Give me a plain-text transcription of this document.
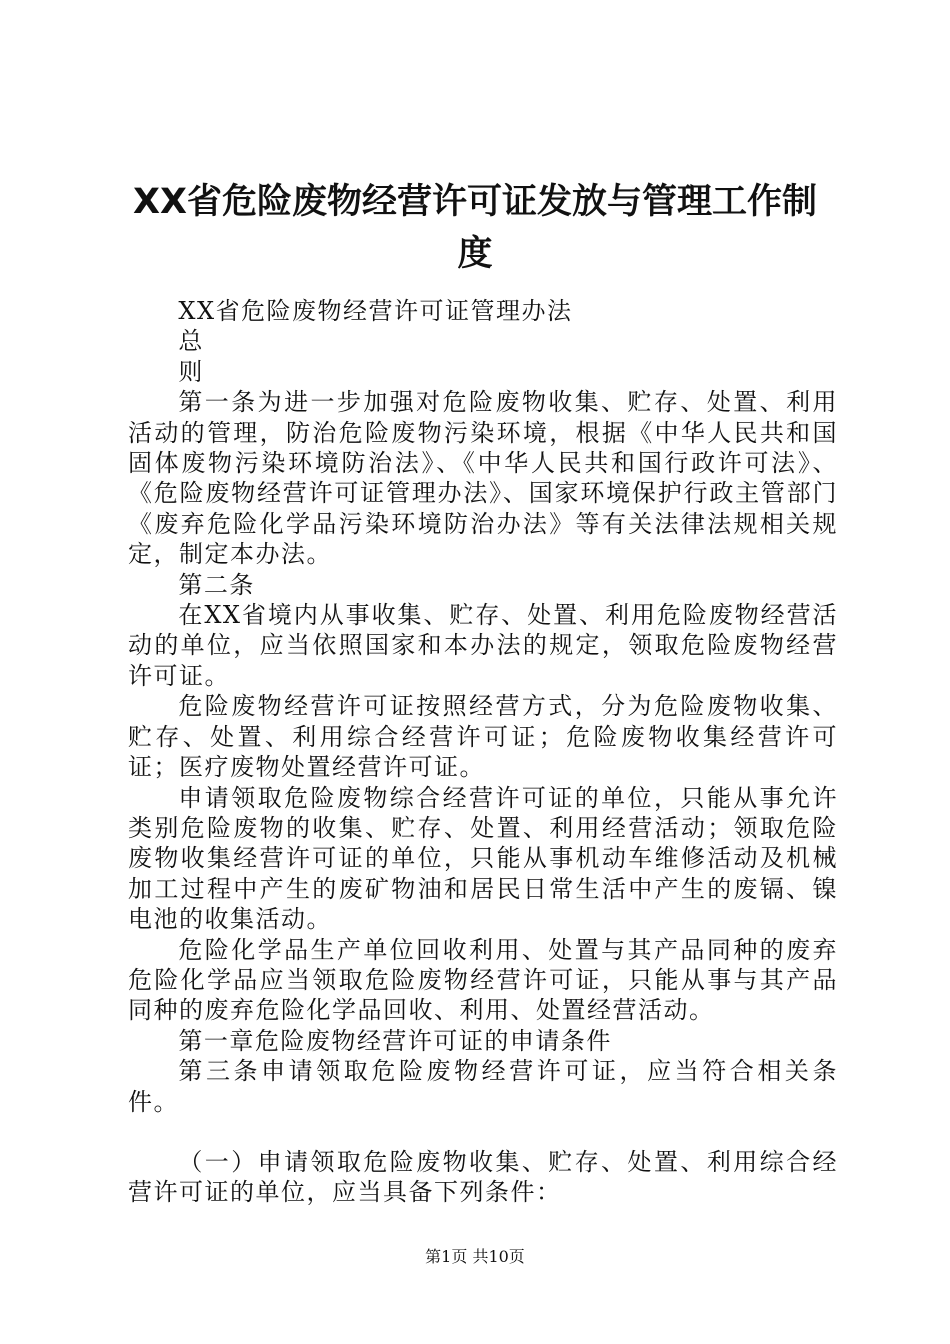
XX省危险废物经营许可证发放与管理工作制度

XX省危险废物经营许可证管理办法

总

则

第一条为进一步加强对危险废物收集、贮存、处置、利用活动的管理，防治危险废物污染环境，根据《中华人民共和国固体废物污染环境防治法》、《中华人民共和国行政许可法》、《危险废物经营许可证管理办法》、国家环境保护行政主管部门《废弃危险化学品污染环境防治办法》等有关法律法规相关规定，制定本办法。

第二条

在XX省境内从事收集、贮存、处置、利用危险废物经营活动的单位，应当依照国家和本办法的规定，领取危险废物经营许可证。

危险废物经营许可证按照经营方式，分为危险废物收集、贮存、处置、利用综合经营许可证；危险废物收集经营许可证；医疗废物处置经营许可证。

申请领取危险废物综合经营许可证的单位，只能从事允许类别危险废物的收集、贮存、处置、利用经营活动；领取危险废物收集经营许可证的单位，只能从事机动车维修活动及机械加工过程中产生的废矿物油和居民日常生活中产生的废镉、镍电池的收集活动。

危险化学品生产单位回收利用、处置与其产品同种的废弃危险化学品应当领取危险废物经营许可证，只能从事与其产品同种的废弃危险化学品回收、利用、处置经营活动。

第一章危险废物经营许可证的申请条件

第三条申请领取危险废物经营许可证，应当符合相关条件。

（一）申请领取危险废物收集、贮存、处置、利用综合经营许可证的单位，应当具备下列条件：

第1页 共10页
